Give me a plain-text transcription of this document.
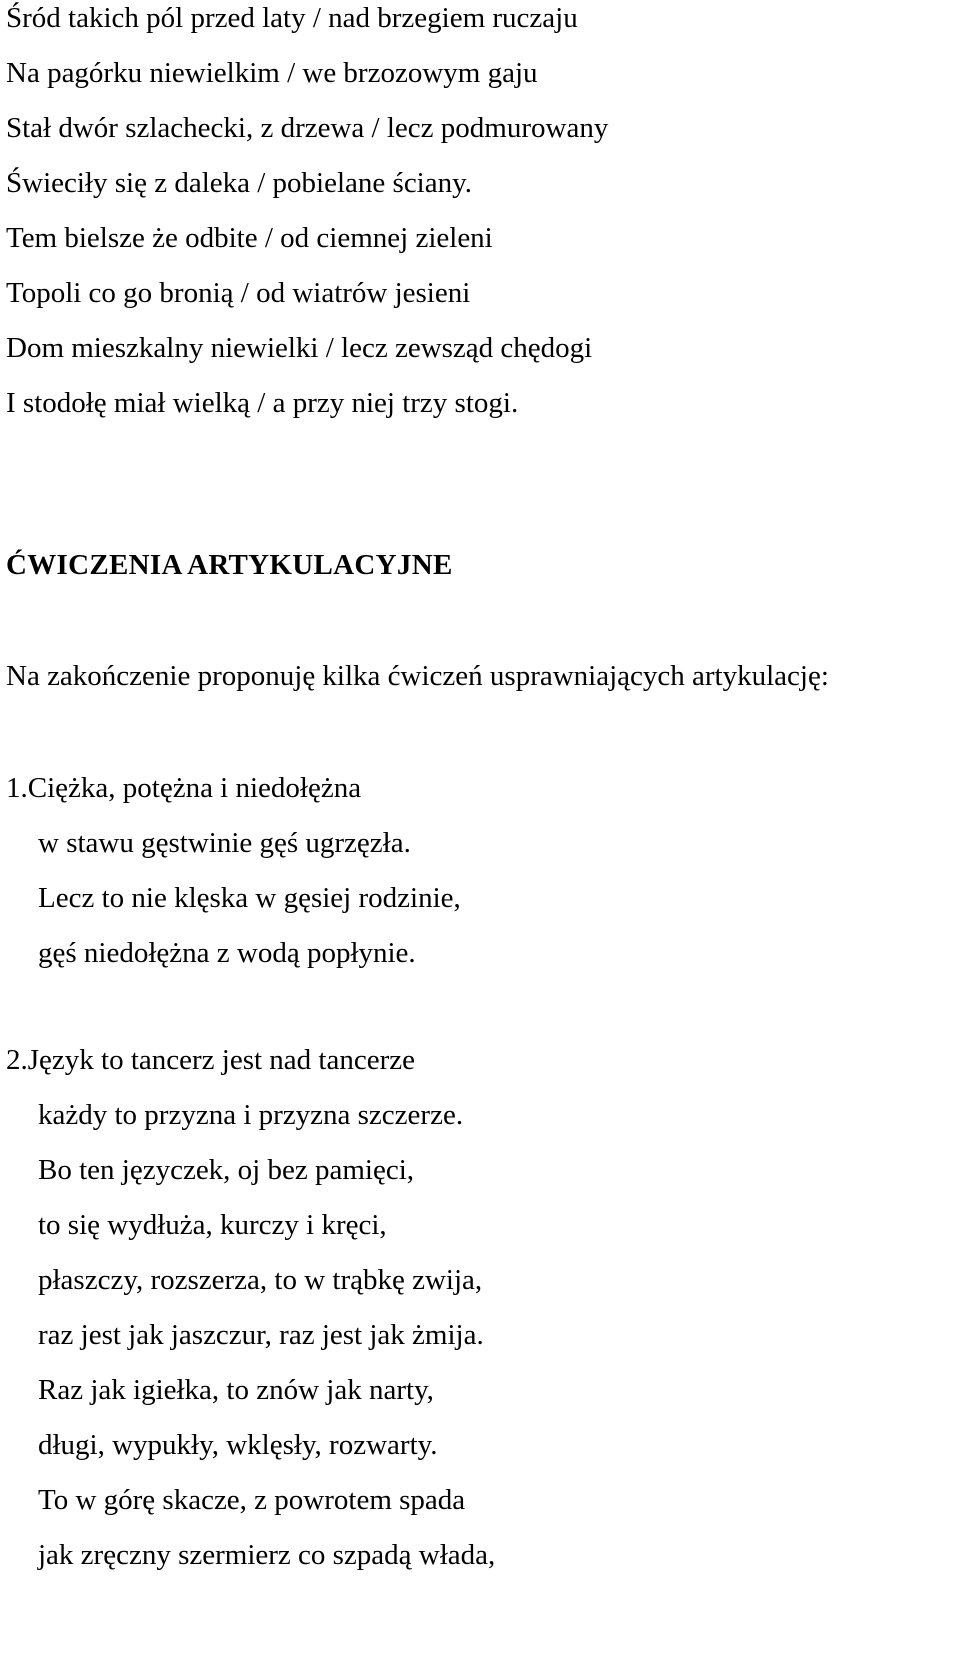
Śród takich pól przed laty / nad brzegiem ruczaju
Na pagórku niewielkim / we brzozowym gaju
Stał dwór szlachecki, z drzewa / lecz podmurowany
Świeciły się z daleka / pobielane ściany.
Tem bielsze że odbite / od ciemnej zieleni
Topoli co go bronią / od wiatrów jesieni
Dom mieszkalny niewielki / lecz zewsząd chędogi
I stodołę miał wielką / a przy niej trzy stogi.
ĆWICZENIA ARTYKULACYJNE
Na zakończenie proponuję kilka ćwiczeń usprawniających artykulację:
1.Ciężka, potężna i niedołężna
w stawu gęstwinie gęś ugrzęzła.
Lecz to nie klęska w gęsiej rodzinie,
gęś niedołężna z wodą popłynie.
2.Język to tancerz jest nad tancerze
każdy to przyzna i przyzna szczerze.
Bo ten języczek, oj bez pamięci,
to się wydłuża, kurczy i kręci,
płaszczy, rozszerza, to w trąbkę zwija,
raz jest jak jaszczur, raz jest jak żmija.
Raz jak igiełka, to znów jak narty,
długi, wypukły, wklęsły, rozwarty.
To w górę skacze, z powrotem spada
jak zręczny szermierz co szpadą włada,
